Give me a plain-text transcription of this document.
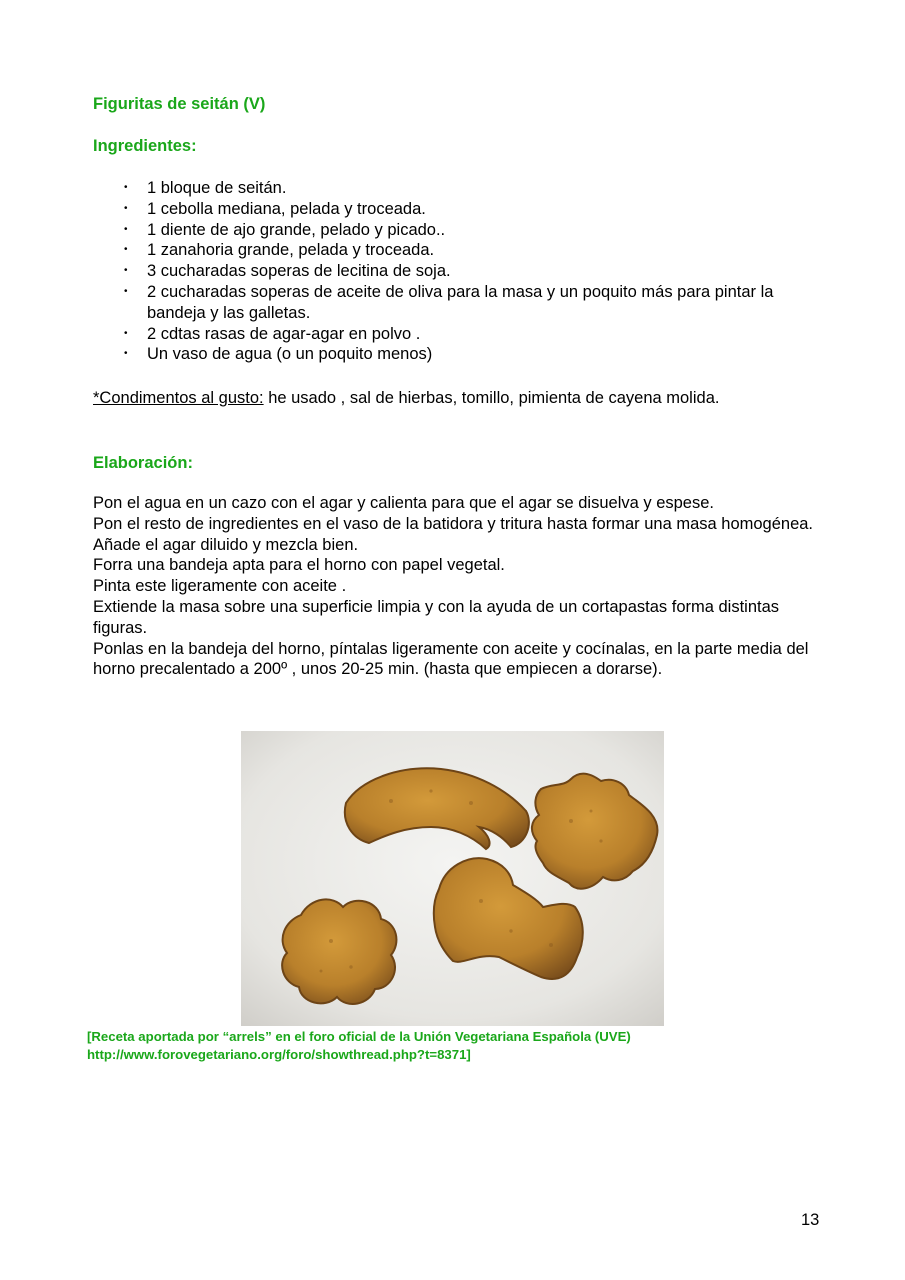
Figuritas de seitán (V)
Ingredientes:
• 1 bloque de seitán.
• 1 cebolla mediana, pelada y troceada.
• 1 diente de ajo grande, pelado y picado..
• 1 zanahoria grande, pelada y troceada.
• 3 cucharadas soperas de lecitina de soja.
• 2 cucharadas soperas de aceite de oliva para la masa y un poquito más para pintar la bandeja y las galletas.
• 2 cdtas rasas de agar-agar en polvo .
• Un vaso de agua (o un poquito menos)

*Condimentos al gusto: he usado , sal de hierbas, tomillo, pimienta de cayena molida.

Elaboración:

Pon el agua en un cazo con el agar y calienta para que el agar se disuelva y espese.

Pon el resto de ingredientes en el vaso de la batidora y tritura hasta formar una masa homogénea.

Añade el agar diluido y mezcla bien.

Forra una bandeja apta para el horno con papel vegetal.

Pinta este ligeramente con aceite .

Extiende la masa sobre una superficie limpia y con la ayuda de un cortapastas forma distintas figuras.

Ponlas en la bandeja del horno, píntalas ligeramente con aceite y cocínalas, en la parte media del horno precalentado a 200º , unos 20-25 min. (hasta que empiecen a dorarse).

[Receta aportada por “arrels” en el foro oficial de la Unión Vegetariana Española (UVE)
http://www.forovegetariano.org/foro/showthread.php?t=8371]
13
